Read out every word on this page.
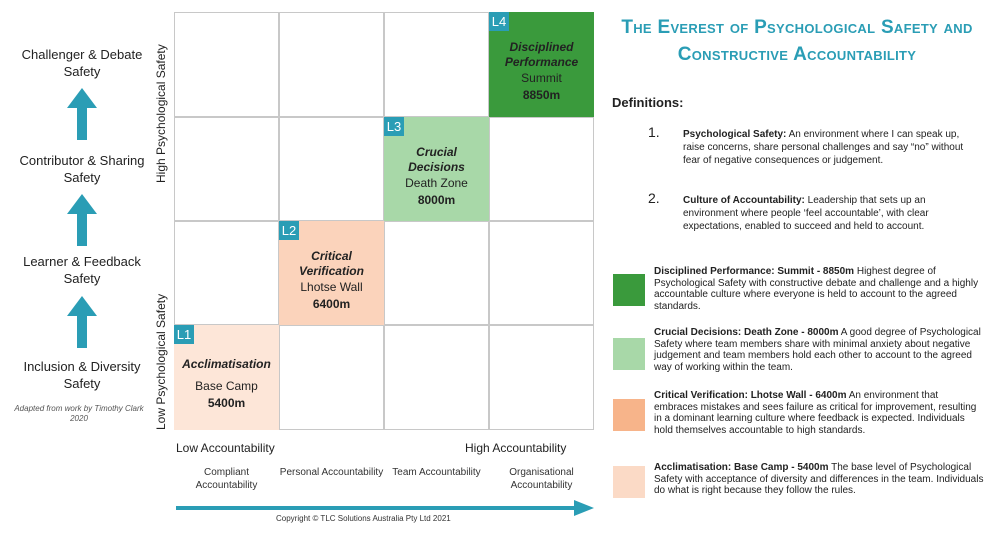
Challenger & Debate Safety
Contributor & Sharing Safety
Learner & Feedback Safety
Inclusion & Diversity Safety
Adapted from work by Timothy Clark 2020
High Psychological Safety
Low Psychological Safety
L4
Disciplined Performance
Summit
8850m
L3
Crucial Decisions
Death Zone
8000m
L2
Critical Verification
Lhotse Wall
6400m
L1
Acclimatisation
Base Camp
5400m
Low Accountability	High Accountability
Compliant Accountability
Personal Accountability Team Accountability	Organisational Accountability
Copyright © TLC Solutions Australia Pty Ltd 2021
The Everest of Psychological Safety and Constructive Accountability
Definitions:
1. Psychological Safety: An environment where I can speak up, raise concerns, share personal challenges and say “no” without fear of negative consequences or judgement.
2. Culture of Accountability: Leadership that sets up an environment where people ‘feel accountable’, with clear expectations, enabled to succeed and held to account.
Disciplined Performance: Summit - 8850m Highest degree of Psychological Safety with constructive debate and challenge and a highly accountable culture where everyone is held to account to the agreed standards.
Crucial Decisions: Death Zone - 8000m A good degree of Psychological Safety where team members share with minimal anxiety about negative judgement and team members hold each other to account to the agreed way of working within the team.
Critical Verification: Lhotse Wall - 6400m An environment that embraces mistakes and sees failure as critical for improvement, resulting in a dominant learning culture where feedback is expected. Individuals hold themselves accountable to high standards.
Acclimatisation: Base Camp - 5400m The base level of Psychological Safety with acceptance of diversity and differences in the team. Individuals do what is right because they follow the rules.
